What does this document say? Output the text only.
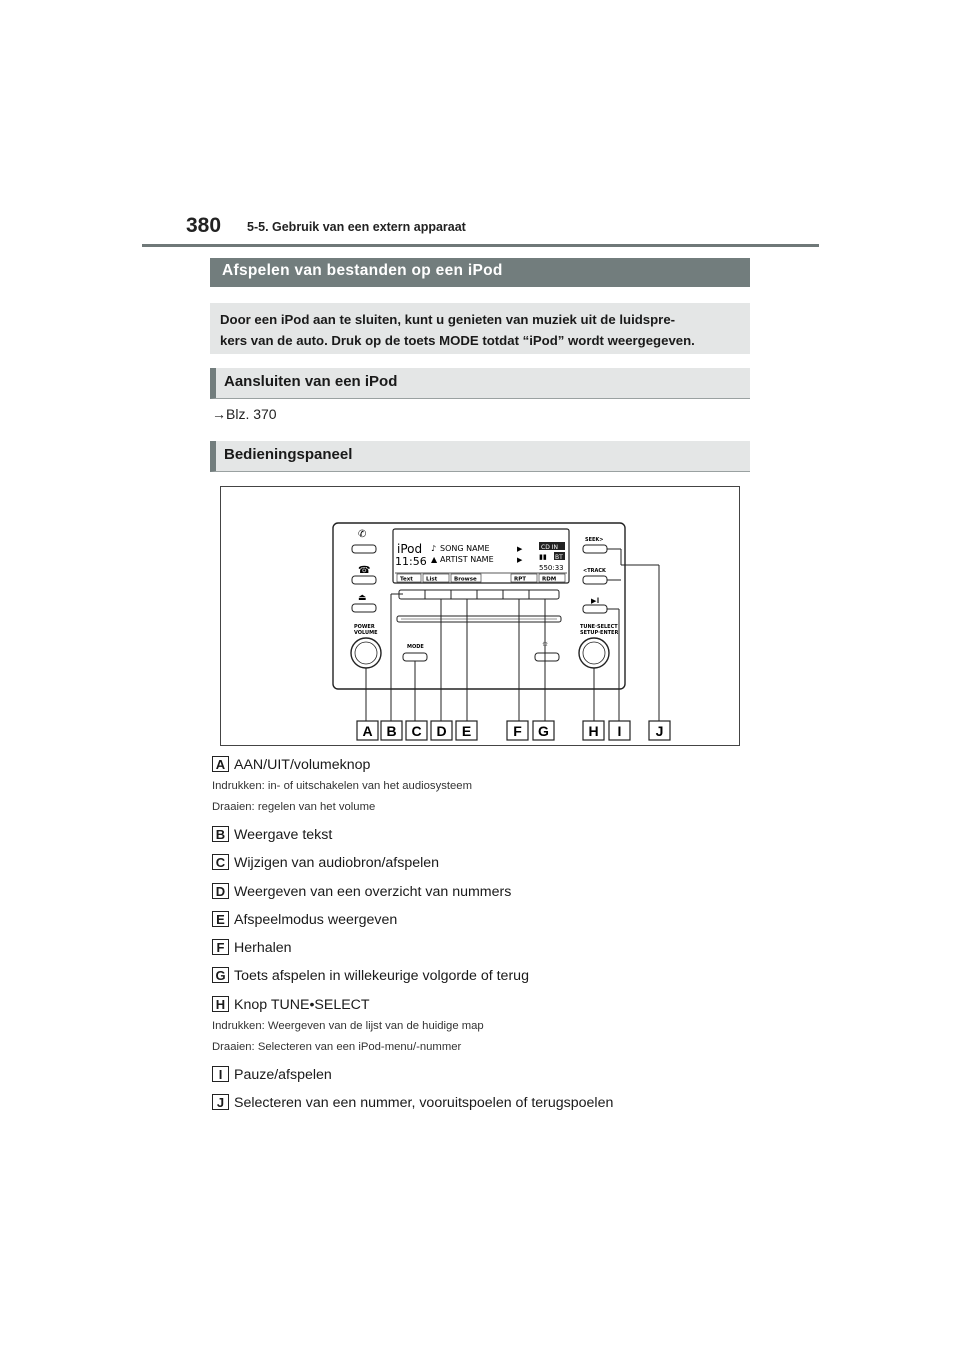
380 5-5. Gebruik van een extern apparaat
Afspelen van bestanden op een iPod
Door een iPod aan te sluiten, kunt u genieten van muziek uit de luidspre-
kers van de auto. Druk op de toets MODE totdat “iPod” wordt weergegeven.
Aansluiten van een iPod
→Blz. 370
Bedieningspaneel
iPod
11:56
♪ SONG NAME
▲ ARTIST NAME
▶
▶
CD IN
▮▮ BT
550:33
Text List	Browse	RPT	RDM
✆
☎
⏏
POWER
VOLUME
MODE	☼
SEEK>
<TRACK
▶‖
TUNE·SELECT
SETUP·ENTER
A B C D E	F G	H I J
A AAN/UIT/volumeknop
Indrukken: in- of uitschakelen van het audiosysteem
Draaien: regelen van het volume
B Weergave tekst
C Wijzigen van audiobron/afspelen
D Weergeven van een overzicht van nummers
E Afspeelmodus weergeven
F Herhalen
G Toets afspelen in willekeurige volgorde of terug
H Knop TUNE•SELECT
Indrukken: Weergeven van de lijst van de huidige map
Draaien: Selecteren van een iPod-menu/-nummer
I Pauze/afspelen
J Selecteren van een nummer, vooruitspoelen of terugspoelen
